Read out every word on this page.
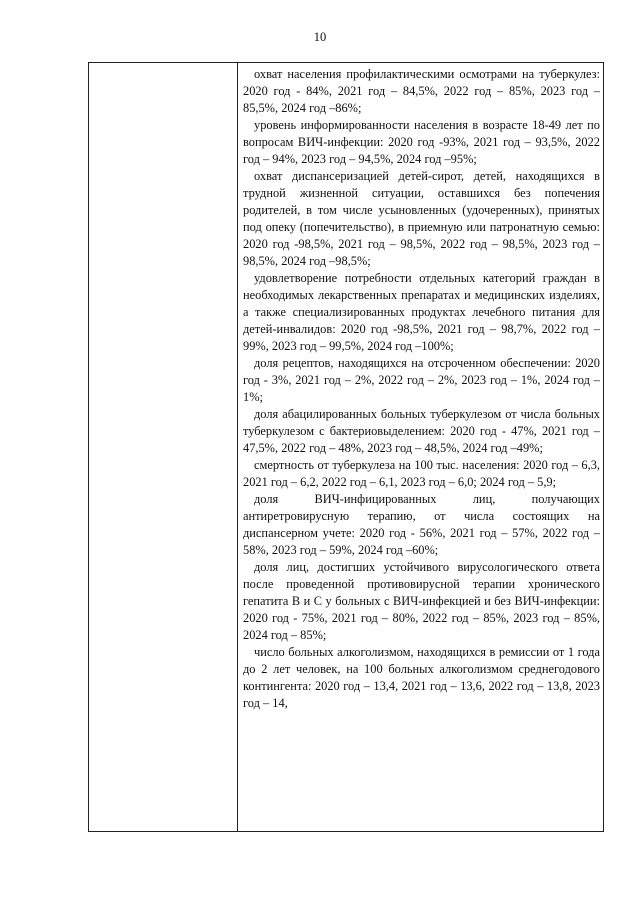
10

охват населения профилактическими осмотрами на туберкулез: 2020 год - 84%, 2021 год – 84,5%, 2022 год – 85%, 2023 год – 85,5%, 2024 год –86%;

уровень информированности населения в возрасте 18-49 лет по вопросам ВИЧ-инфекции: 2020 год -93%, 2021 год – 93,5%, 2022 год – 94%, 2023 год – 94,5%, 2024 год –95%;

охват диспансеризацией детей-сирот, детей, находящихся в трудной жизненной ситуации, оставшихся без попечения родителей, в том числе усыновленных (удочеренных), принятых под опеку (попечительство), в приемную или патронатную семью: 2020 год -98,5%, 2021 год – 98,5%, 2022 год – 98,5%, 2023 год – 98,5%, 2024 год –98,5%;

удовлетворение потребности отдельных категорий граждан в необходимых лекарственных препаратах и медицинских изделиях, а также специализированных продуктах лечебного питания для детей-инвалидов: 2020 год -98,5%, 2021 год – 98,7%, 2022 год – 99%, 2023 год – 99,5%, 2024 год –100%;

доля рецептов, находящихся на отсроченном обеспечении: 2020 год - 3%, 2021 год – 2%, 2022 год – 2%, 2023 год – 1%, 2024 год –1%;

доля абацилированных больных туберкулезом от числа больных туберкулезом с бактериовыделением: 2020 год - 47%, 2021 год – 47,5%, 2022 год – 48%, 2023 год – 48,5%, 2024 год –49%;

смертность от туберкулеза на 100 тыс. населения: 2020 год – 6,3, 2021 год – 6,2, 2022 год – 6,1, 2023 год – 6,0; 2024 год – 5,9;

доля ВИЧ-инфицированных лиц, получающих антиретровирусную терапию, от числа состоящих на диспансерном учете: 2020 год - 56%, 2021 год – 57%, 2022 год – 58%, 2023 год – 59%, 2024 год –60%;

доля лиц, достигших устойчивого вирусологического ответа после проведенной противовирусной терапии хронического гепатита В и С у больных с ВИЧ-инфекцией и без ВИЧ-инфекции: 2020 год - 75%, 2021 год – 80%, 2022 год – 85%, 2023 год – 85%, 2024 год – 85%;

число больных алкоголизмом, находящихся в ремиссии от 1 года до 2 лет человек, на 100 больных алкоголизмом среднегодового контингента: 2020 год – 13,4, 2021 год – 13,6, 2022 год – 13,8, 2023 год – 14,
